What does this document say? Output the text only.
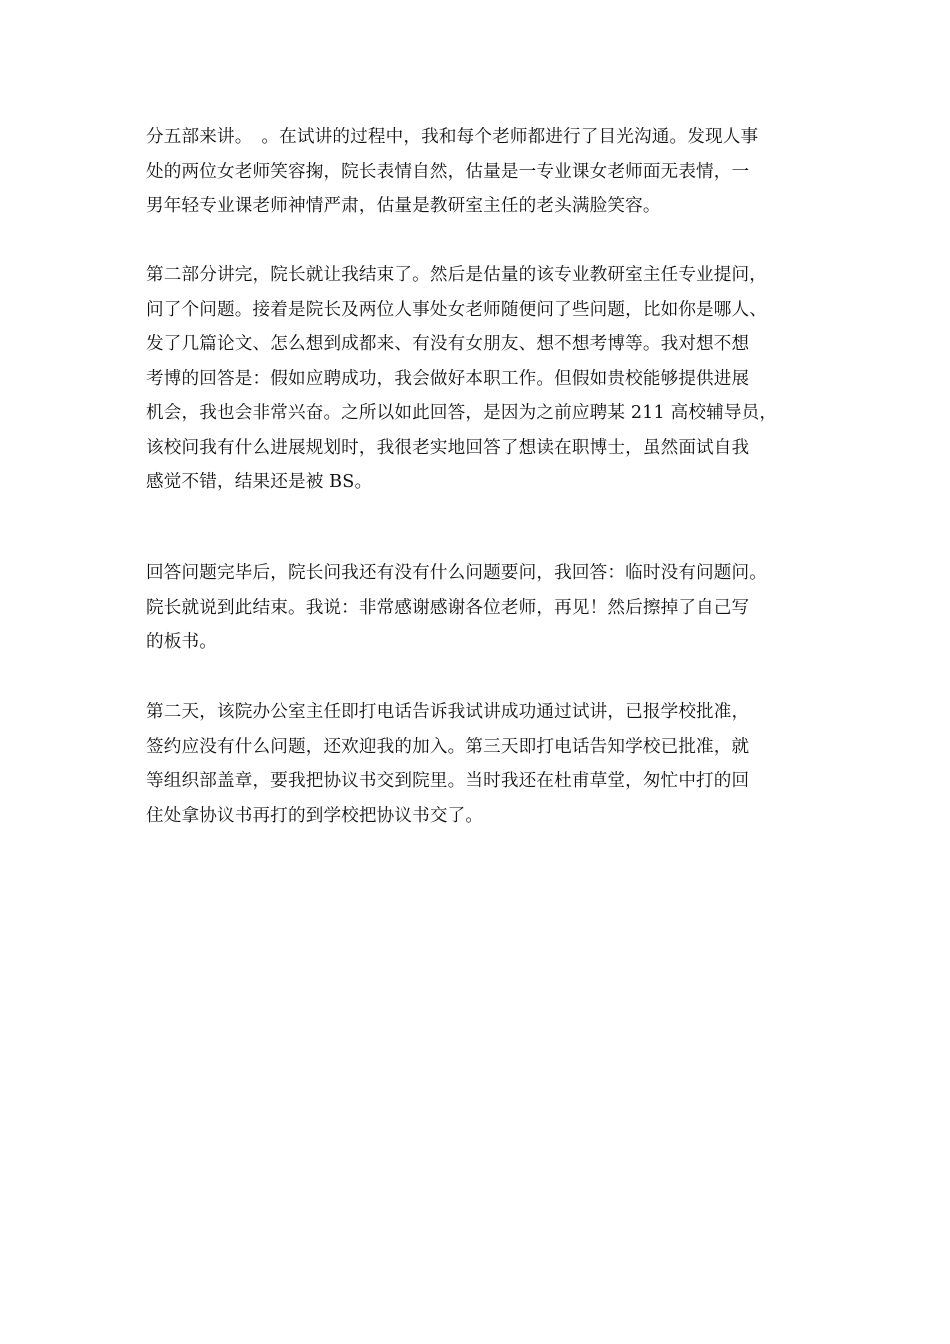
分五部来讲。　。在试讲的过程中，我和每个老师都进行了目光沟通。发现人事
处的两位女老师笑容掬，院长表情自然，估量是一专业课女老师面无表情，一
男年轻专业课老师神情严肃，估量是教研室主任的老头满脸笑容。
第二部分讲完，院长就让我结束了。然后是估量的该专业教研室主任专业提问，
问了个问题。接着是院长及两位人事处女老师随便问了些问题，比如你是哪人、
发了几篇论文、怎么想到成都来、有没有女朋友、想不想考博等。我对想不想
考博的回答是：假如应聘成功，我会做好本职工作。但假如贵校能够提供进展
机会，我也会非常兴奋。之所以如此回答，是因为之前应聘某 211 高校辅导员，
该校问我有什么进展规划时，我很老实地回答了想读在职博士，虽然面试自我
感觉不错，结果还是被 BS。
回答问题完毕后，院长问我还有没有什么问题要问，我回答：临时没有问题问。
院长就说到此结束。我说：非常感谢感谢各位老师，再见！然后擦掉了自己写
的板书。
第二天，该院办公室主任即打电话告诉我试讲成功通过试讲，已报学校批准，
签约应没有什么问题，还欢迎我的加入。第三天即打电话告知学校已批准，就
等组织部盖章，要我把协议书交到院里。当时我还在杜甫草堂，匆忙中打的回
住处拿协议书再打的到学校把协议书交了。
